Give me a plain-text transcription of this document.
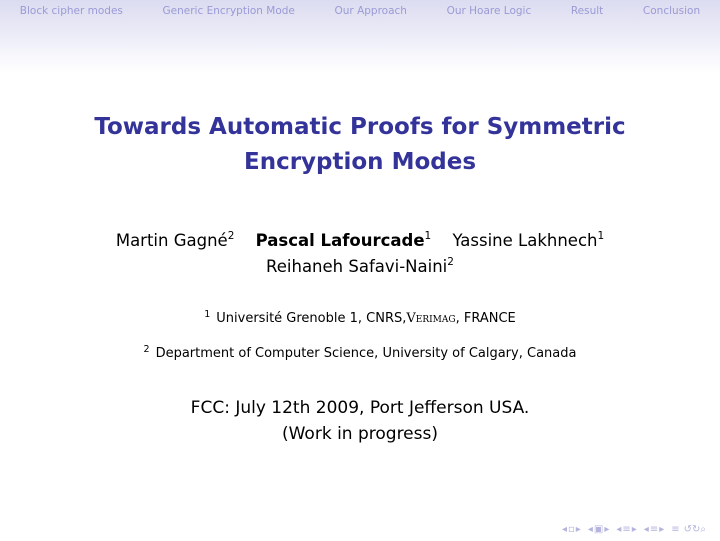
Block cipher modes	Generic Encryption Mode	Our Approach	Our Hoare Logic	Result	Conclusion
Towards Automatic Proofs for Symmetric
Encryption Modes
Martin Gagné$^2$ Pascal Lafourcade$^1$ Yassine Lakhnech$^1$
Reihaneh Safavi-Naini$^2$
$^1$ Université Grenoble 1, CNRS,Verimag, FRANCE
$^2$ Department of Computer Science, University of Calgary, Canada
FCC: July 12th 2009, Port Jefferson USA.
(Work in progress)
◂ ▫ ▸ ◂ ▣ ▸ ◂ ≡ ▸ ◂ ≡ ▸ ≡ ↺↻⌕
